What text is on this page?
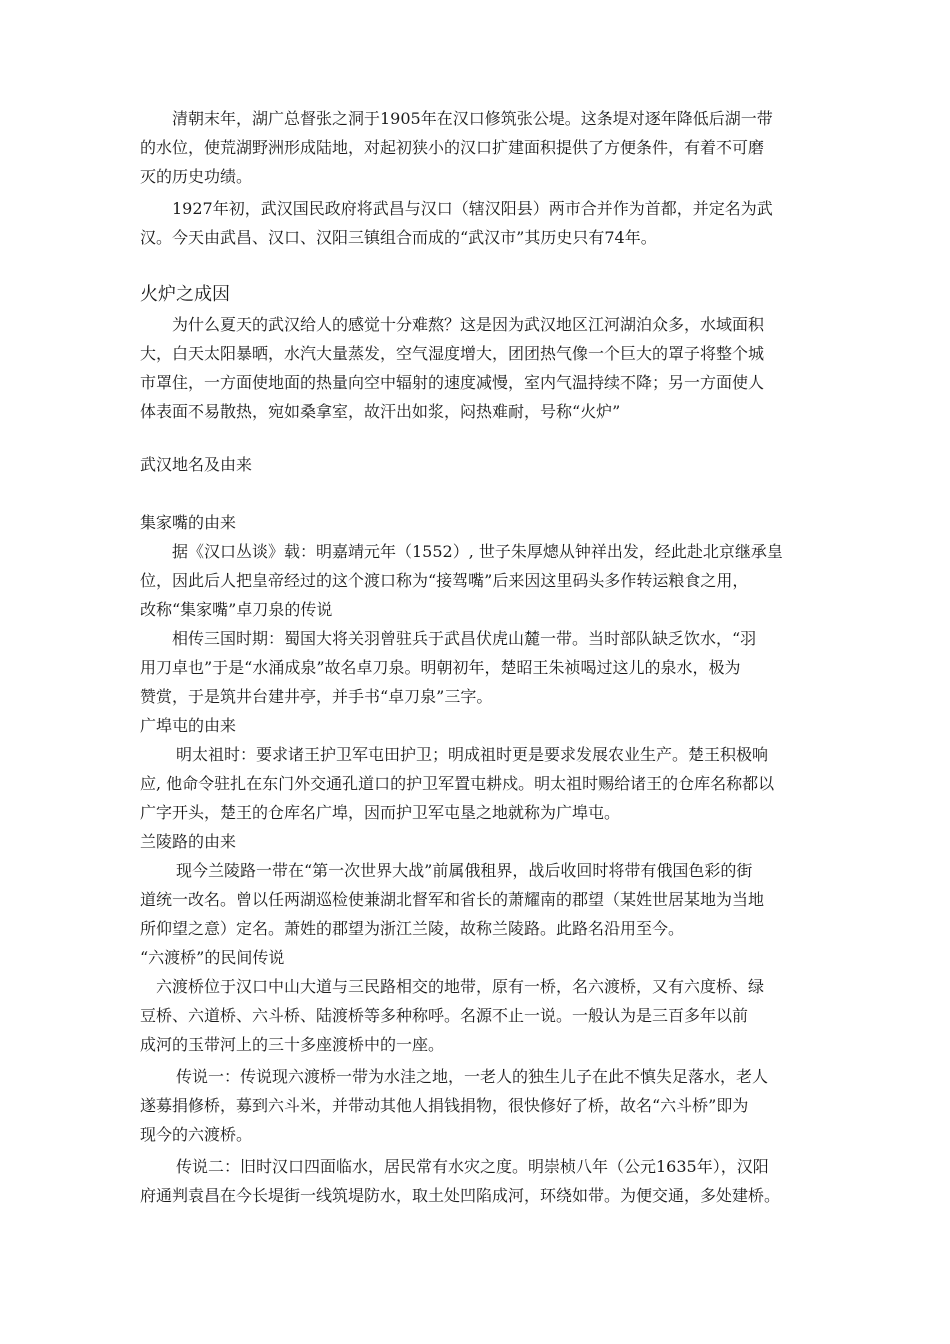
清朝末年，湖广总督张之洞于1905年在汉口修筑张公堤。这条堤对逐年降低后湖一带
的水位，使荒湖野洲形成陆地，对起初狭小的汉口扩建面积提供了方便条件，有着不可磨
灭的历史功绩。
1927年初，武汉国民政府将武昌与汉口（辖汉阳县）两市合并作为首都，并定名为武
汉。今天由武昌、汉口、汉阳三镇组合而成的“武汉市”其历史只有74年。
火炉之成因
为什么夏天的武汉给人的感觉十分难熬？这是因为武汉地区江河湖泊众多，水域面积
大，白天太阳暴晒，水汽大量蒸发，空气湿度增大，团团热气像一个巨大的罩子将整个城
市罩住，一方面使地面的热量向空中辐射的速度减慢，室内气温持续不降；另一方面使人
体表面不易散热，宛如桑拿室，故汗出如浆，闷热难耐，号称“火炉”
武汉地名及由来
集家嘴的由来
据《汉口丛谈》载：明嘉靖元年（1552）, 世子朱厚熜从钟祥出发，经此赴北京继承皇
位，因此后人把皇帝经过的这个渡口称为“接驾嘴”后来因这里码头多作转运粮食之用，
改称“集家嘴”卓刀泉的传说
相传三国时期：蜀国大将关羽曾驻兵于武昌伏虎山麓一带。当时部队缺乏饮水，“羽
用刀卓也”于是“水涌成泉”故名卓刀泉。明朝初年，楚昭王朱祯喝过这儿的泉水，极为
赞赏，于是筑井台建井亭，并手书“卓刀泉”三字。
广埠屯的由来
明太祖时：要求诸王护卫军屯田护卫；明成祖时更是要求发展农业生产。楚王积极响
应, 他命令驻扎在东门外交通孔道口的护卫军置屯耕戍。明太祖时赐给诸王的仓库名称都以
广字开头，楚王的仓库名广埠，因而护卫军屯垦之地就称为广埠屯。
兰陵路的由来
现今兰陵路一带在“第一次世界大战”前属俄租界，战后收回时将带有俄国色彩的街
道统一改名。曾以任两湖巡检使兼湖北督军和省长的萧耀南的郡望（某姓世居某地为当地
所仰望之意）定名。萧姓的郡望为浙江兰陵，故称兰陵路。此路名沿用至今。
“六渡桥”的民间传说
六渡桥位于汉口中山大道与三民路相交的地带，原有一桥，名六渡桥，又有六度桥、绿
豆桥、六道桥、六斗桥、陆渡桥等多种称呼。名源不止一说。一般认为是三百多年以前
成河的玉带河上的三十多座渡桥中的一座。
传说一：传说现六渡桥一带为水洼之地，一老人的独生儿子在此不慎失足落水，老人
遂募捐修桥，募到六斗米，并带动其他人捐钱捐物，很快修好了桥，故名“六斗桥”即为
现今的六渡桥。
传说二：旧时汉口四面临水，居民常有水灾之度。明崇桢八年（公元1635年），汉阳
府通判袁昌在今长堤街一线筑堤防水，取土处凹陷成河，环绕如带。为便交通，多处建桥。
